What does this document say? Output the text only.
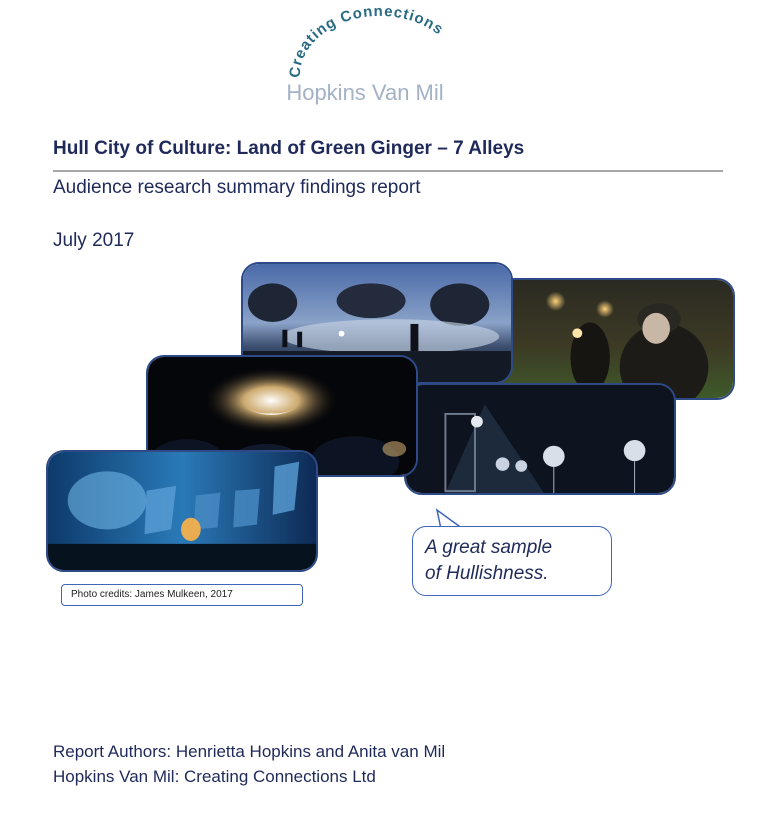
Creating Connections
Hopkins Van Mil
Hull City of Culture: Land of Green Ginger – 7 Alleys
Audience research summary findings report
July 2017
Photo credits: James Mulkeen, 2017
A great sample
of Hullishness.
Report Authors: Henrietta Hopkins and Anita van Mil
Hopkins Van Mil: Creating Connections Ltd
